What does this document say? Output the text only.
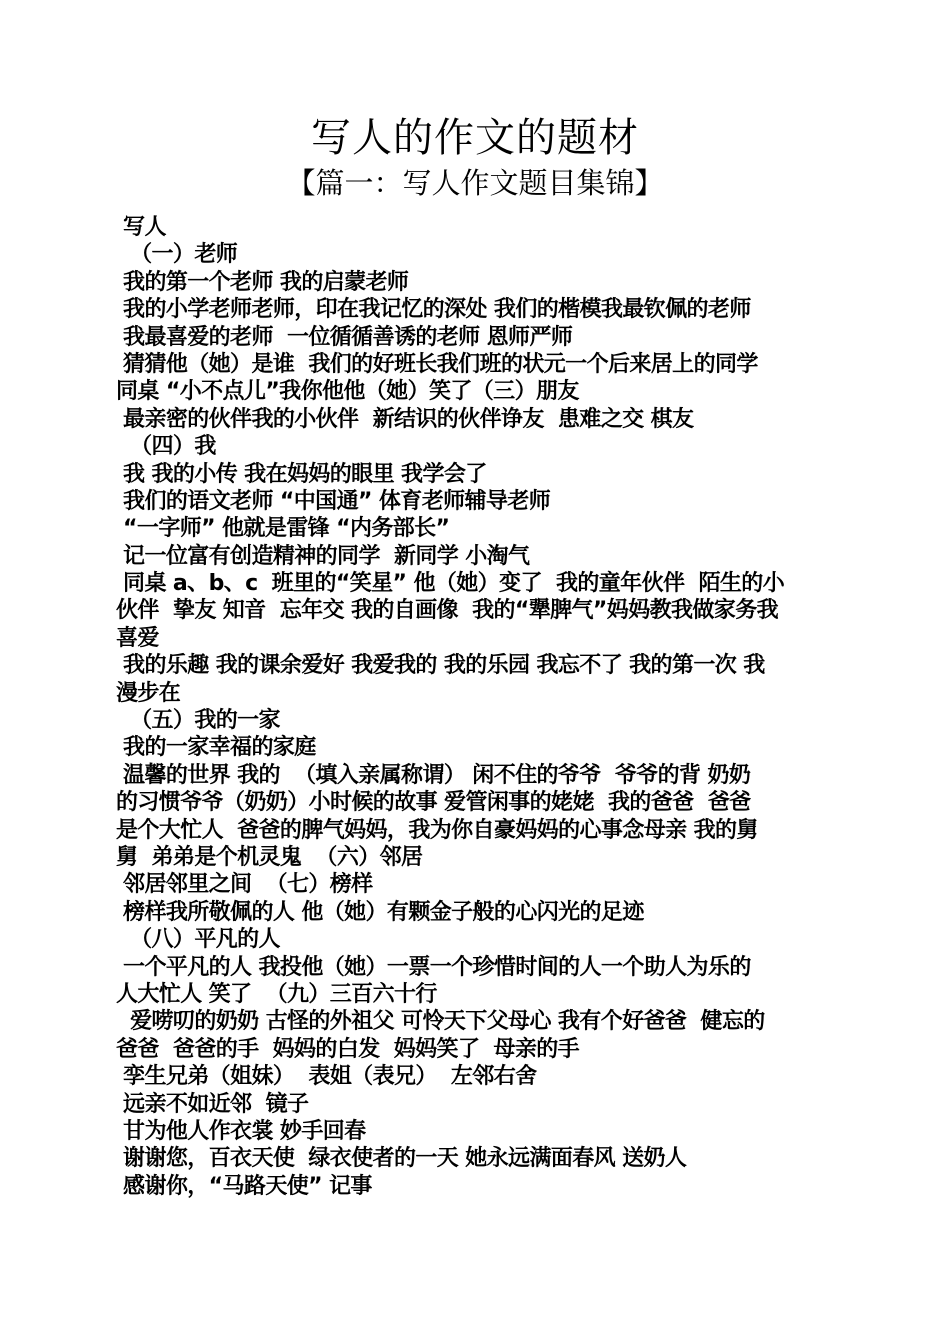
写人的作文的题材
【篇一：写人作文题目集锦】
写人
（一）老师
我的第一个老师 我的启蒙老师
我的小学老师老师，印在我记忆的深处 我们的楷模我最钦佩的老师
我最喜爱的老师  一位循循善诱的老师 恩师严师
猜猜他（她）是谁  我们的好班长我们班的状元一个后来居上的同学
同桌 “小不点儿”我你他他（她）笑了（三）朋友
最亲密的伙伴我的小伙伴  新结识的伙伴诤友  患难之交 棋友
（四）我
我 我的小传 我在妈妈的眼里 我学会了
我们的语文老师 “中国通” 体育老师辅导老师
“一字师” 他就是雷锋 “内务部长”
记一位富有创造精神的同学  新同学 小淘气
同桌 a、b、c  班里的“笑星” 他（她）变了  我的童年伙伴  陌生的小
伙伴  挚友 知音  忘年交 我的自画像  我的“犟脾气”妈妈教我做家务我
喜爱
我的乐趣 我的课余爱好 我爱我的 我的乐园 我忘不了 我的第一次 我
漫步在
（五）我的一家
我的一家幸福的家庭
温馨的世界 我的  （填入亲属称谓） 闲不住的爷爷  爷爷的背 奶奶
的习惯爷爷（奶奶）小时候的故事 爱管闲事的姥姥  我的爸爸  爸爸
是个大忙人  爸爸的脾气妈妈，我为你自豪妈妈的心事念母亲 我的舅
舅  弟弟是个机灵鬼  （六）邻居
邻居邻里之间  （七）榜样
榜样我所敬佩的人 他（她）有颗金子般的心闪光的足迹
（八）平凡的人
一个平凡的人 我投他（她）一票一个珍惜时间的人一个助人为乐的
人大忙人 笑了  （九）三百六十行
爱唠叨的奶奶 古怪的外祖父 可怜天下父母心 我有个好爸爸  健忘的
爸爸  爸爸的手  妈妈的白发  妈妈笑了  母亲的手
孪生兄弟（姐妹）  表姐（表兄）  左邻右舍
远亲不如近邻  镜子
甘为他人作衣裳 妙手回春
谢谢您，百衣天使  绿衣使者的一天 她永远满面春风 送奶人
感谢你，“马路天使” 记事
